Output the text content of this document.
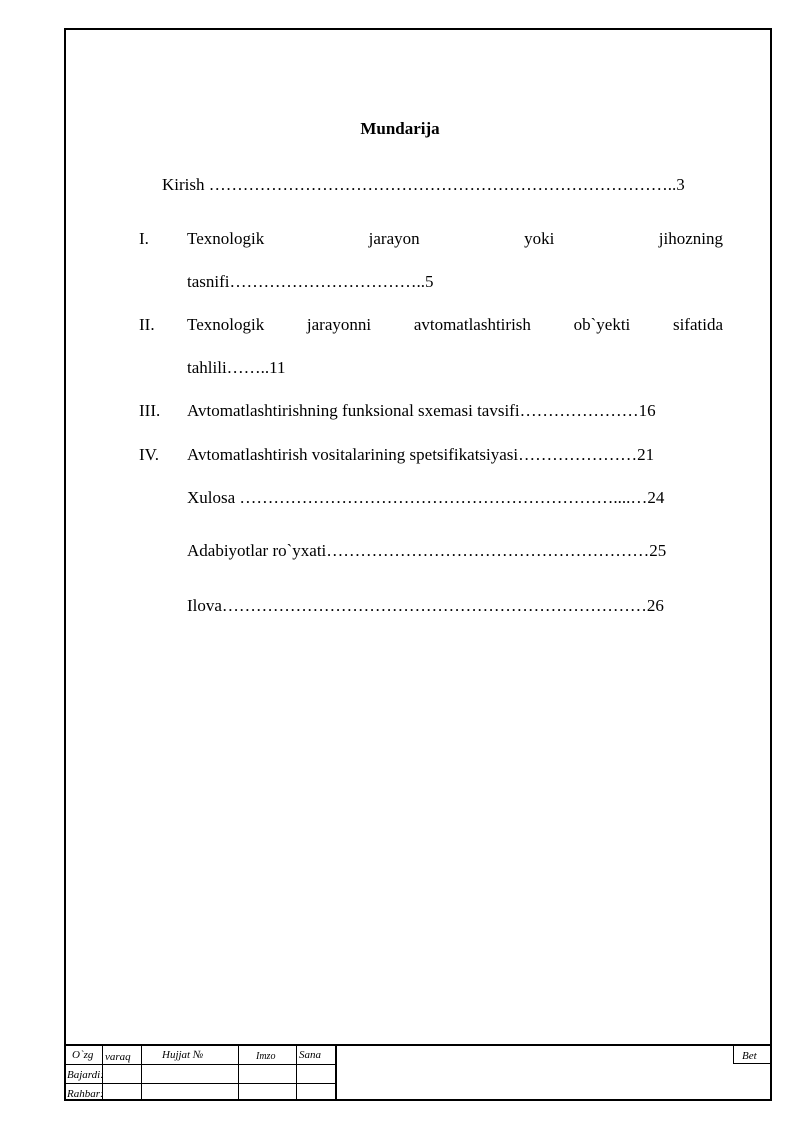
Mundarija
Kirish ………………………………………………………………………..3
I. Texnologik	jarayon	yoki	jihozning
tasnifi……………………………..5
II. Texnologik	jarayonni	avtomatlashtirish	ob`yekti	sifatida
tahlili……..11
III. Avtomatlashtirishning funksional sxemasi tavsifi…………………16
IV. Avtomatlashtirish vositalarining spetsifikatsiyasi…………………21
Xulosa …………………………………………………………....…24
Adabiyotlar ro`yxati…………………………………………………25
Ilova…………………………………………………………………26
O`zg varaq	Hujjat №	Imzo Sana	Bet
Bajardi:
Rahbar:
